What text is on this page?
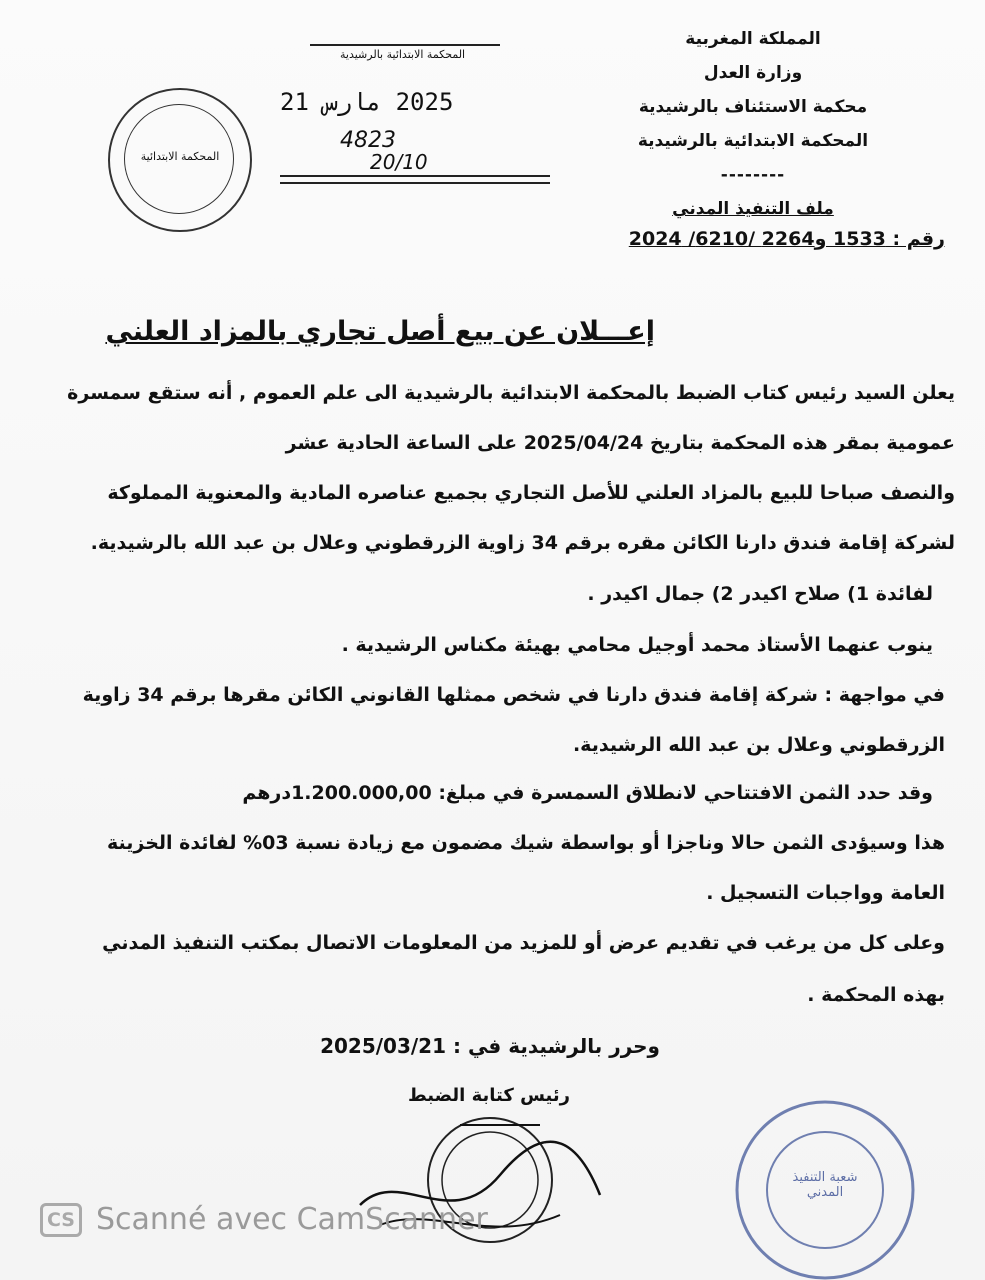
المملكة المغربية
وزارة العدل
محكمة الاستئناف بالرشيدية
المحكمة الابتدائية بالرشيدية
--------
ملف التنفيذ المدني
رقم : 1533 و2264 /6210/ 2024
المحكمة الابتدائية
المحكمة الابتدائية بالرشيدية
2025 مارس 21
4823
20/10
إعـــلان عن بيع أصل تجاري بالمزاد العلني
يعلن السيد رئيس كتاب الضبط بالمحكمة الابتدائية بالرشيدية الى علم العموم , أنه ستقع سمسرة
عمومية بمقر هذه المحكمة بتاريخ 2025/04/24 على الساعة الحادية عشر
والنصف صباحا للبيع بالمزاد العلني للأصل التجاري بجميع عناصره المادية والمعنوية المملوكة
لشركة إقامة فندق دارنا الكائن مقره برقم 34 زاوية الزرقطوني وعلال بن عبد الله بالرشيدية.
لفائدة 1) صلاح اكيدر 2) جمال اكيدر .
ينوب عنهما الأستاذ محمد أوجيل محامي بهيئة مكناس الرشيدية .
في مواجهة : شركة إقامة فندق دارنا في شخص ممثلها القانوني الكائن مقرها برقم 34 زاوية
الزرقطوني وعلال بن عبد الله الرشيدية.
وقد حدد الثمن الافتتاحي لانطلاق السمسرة في مبلغ: 1.200.000,00درهم
هذا وسيؤدى الثمن حالا وناجزا أو بواسطة شيك مضمون مع زيادة نسبة 03% لفائدة الخزينة
العامة وواجبات التسجيل .
وعلى كل من يرغب في تقديم عرض أو للمزيد من المعلومات الاتصال بمكتب التنفيذ المدني
بهذه المحكمة .
وحرر بالرشيدية في : 2025/03/21
رئيس كتابة الضبط
شعبة التنفيذ المدني
CS Scanné avec CamScanner
